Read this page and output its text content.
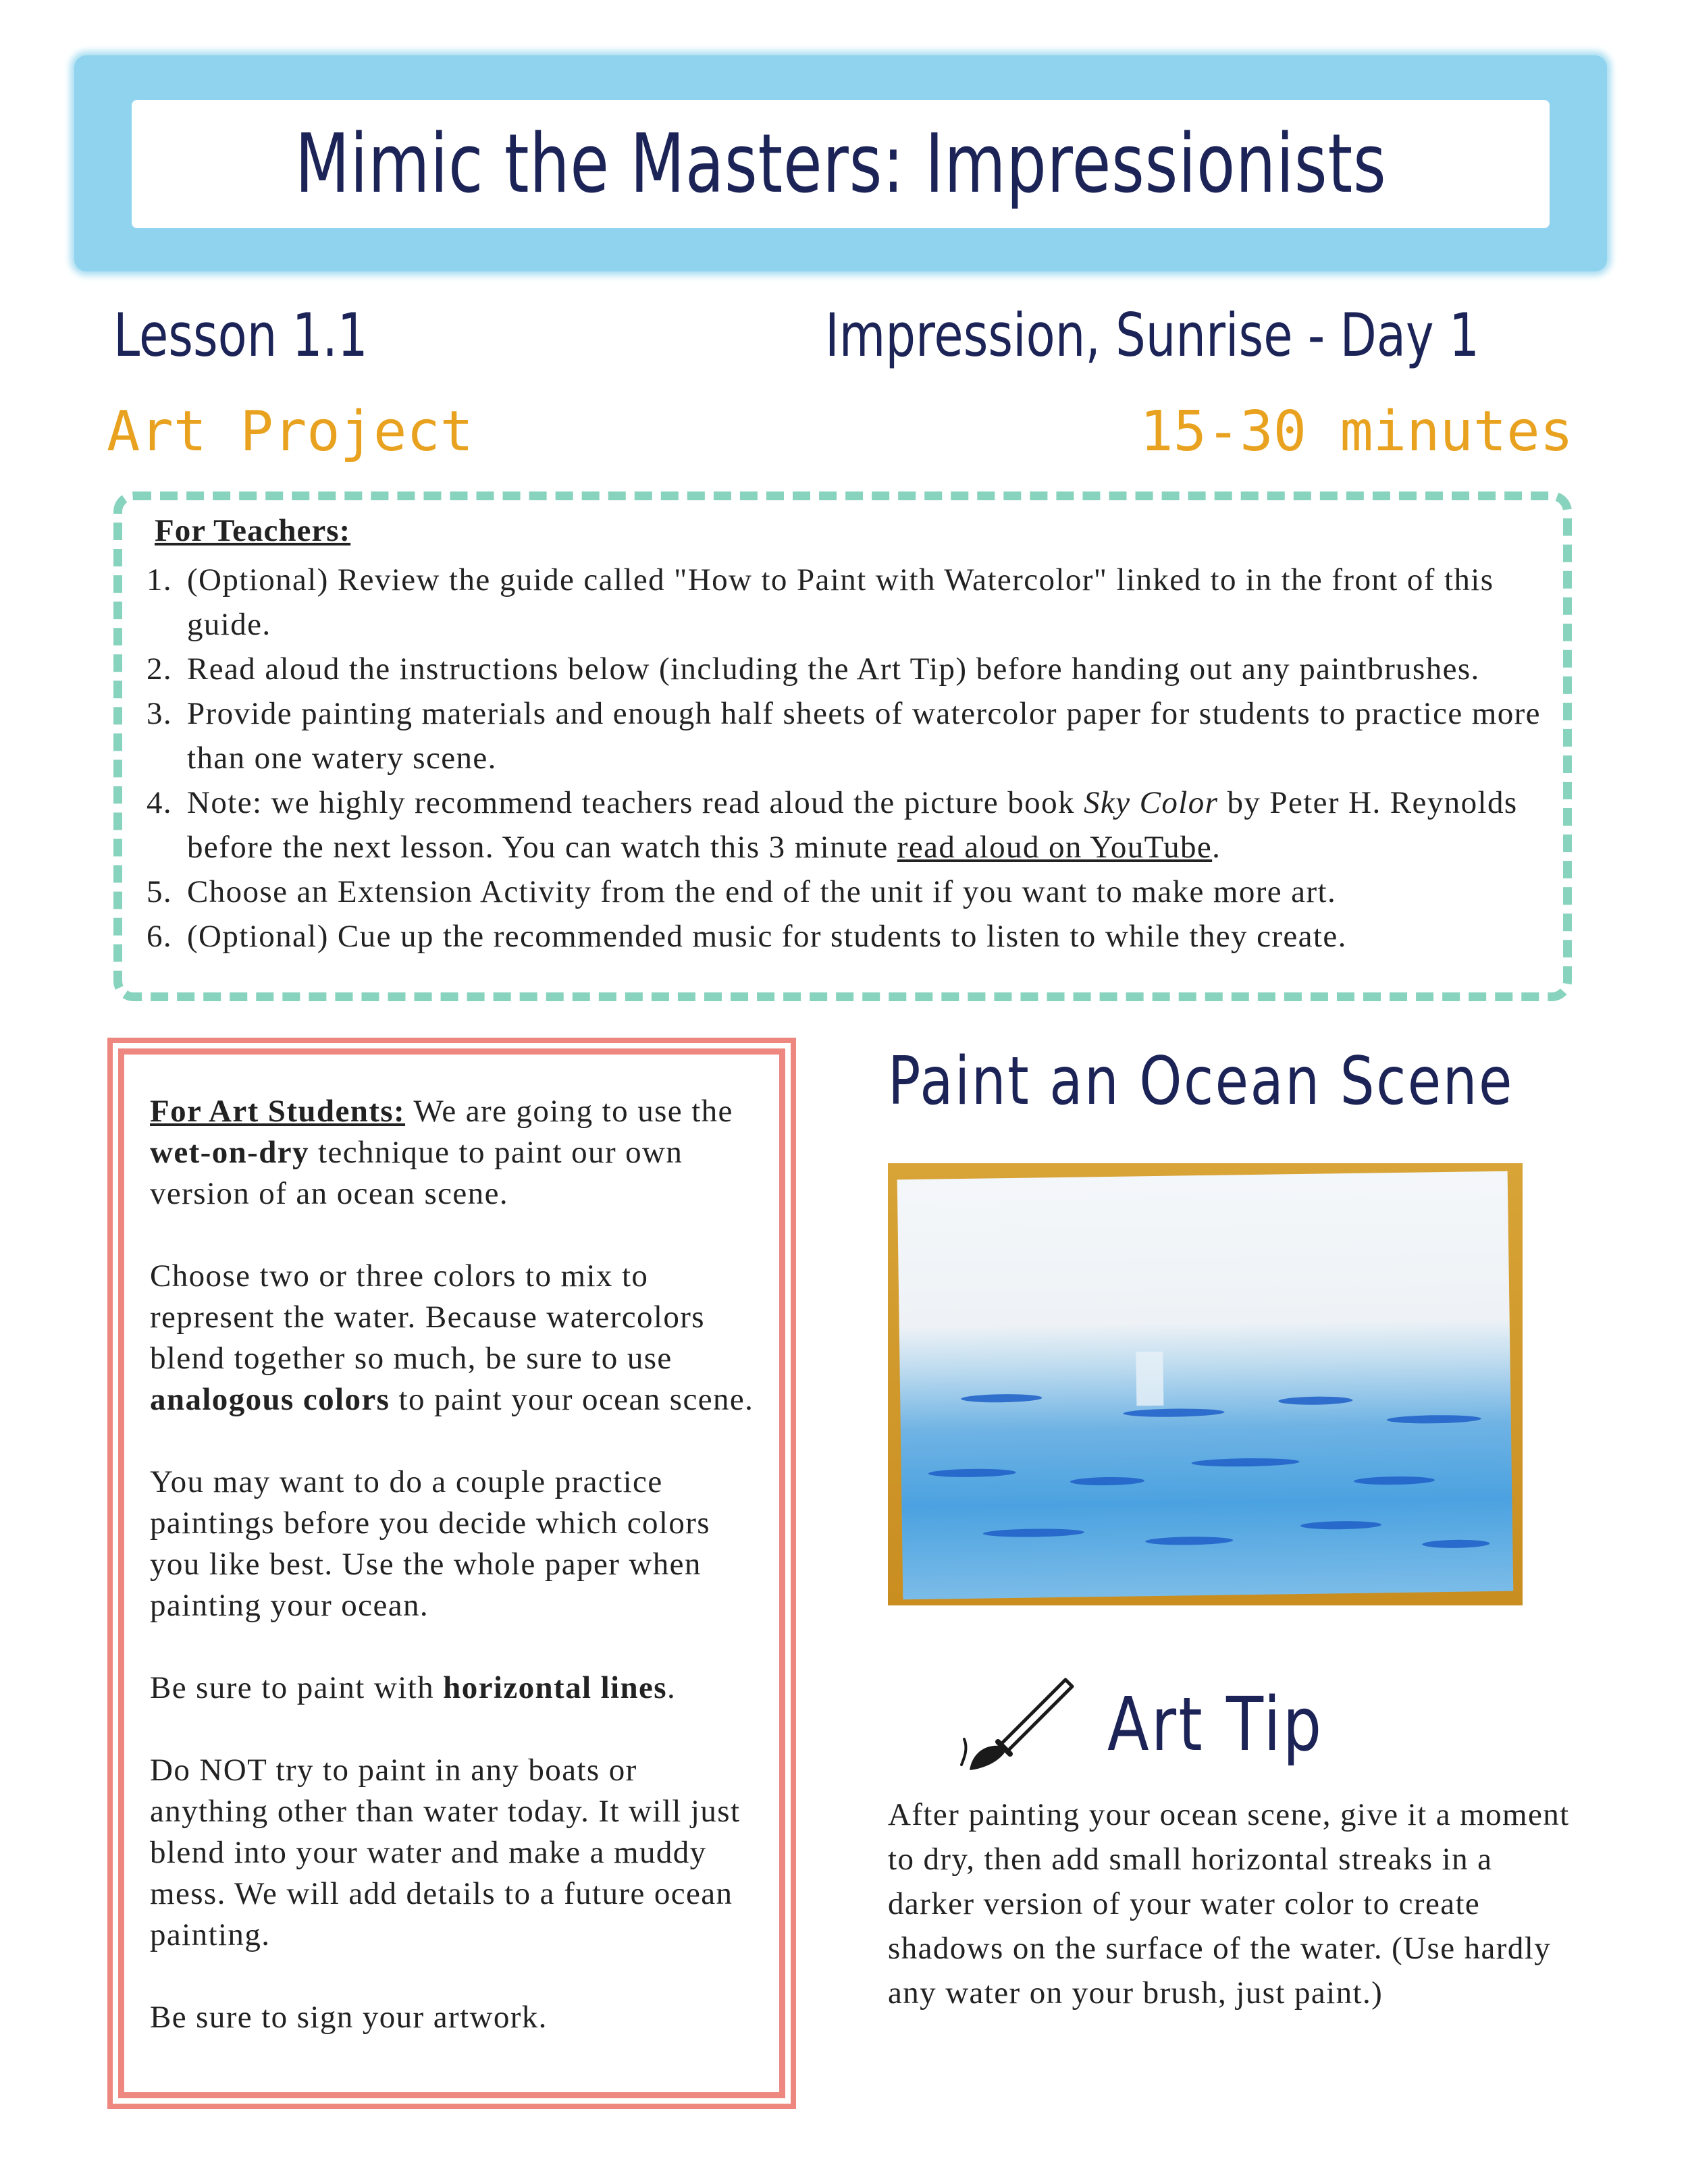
Mimic the Masters: Impressionists
Lesson 1.1	Impression, Sunrise - Day 1
Art Project	15-30 minutes
For Teachers:
1. (Optional) Review the guide called "How to Paint with Watercolor" linked to in the front of this guide.
2. Read aloud the instructions below (including the Art Tip) before handing out any paintbrushes.
3. Provide painting materials and enough half sheets of watercolor paper for students to practice more than one watery scene.
4. Note: we highly recommend teachers read aloud the picture book Sky Color by Peter H. Reynolds before the next lesson. You can watch this 3 minute read aloud on YouTube.
5. Choose an Extension Activity from the end of the unit if you want to make more art.
6. (Optional) Cue up the recommended music for students to listen to while they create.

For Art Students: We are going to use the wet-on-dry technique to paint our own version of an ocean scene.

Choose two or three colors to mix to represent the water. Because watercolors blend together so much, be sure to use analogous colors to paint your ocean scene.

You may want to do a couple practice paintings before you decide which colors you like best. Use the whole paper when painting your ocean.

Be sure to paint with horizontal lines.

Do NOT try to paint in any boats or anything other than water today. It will just blend into your water and make a muddy mess. We will add details to a future ocean painting.

Be sure to sign your artwork.

Paint an Ocean Scene
Art Tip
After painting your ocean scene, give it a moment to dry, then add small horizontal streaks in a darker version of your water color to create shadows on the surface of the water. (Use hardly any water on your brush, just paint.)
